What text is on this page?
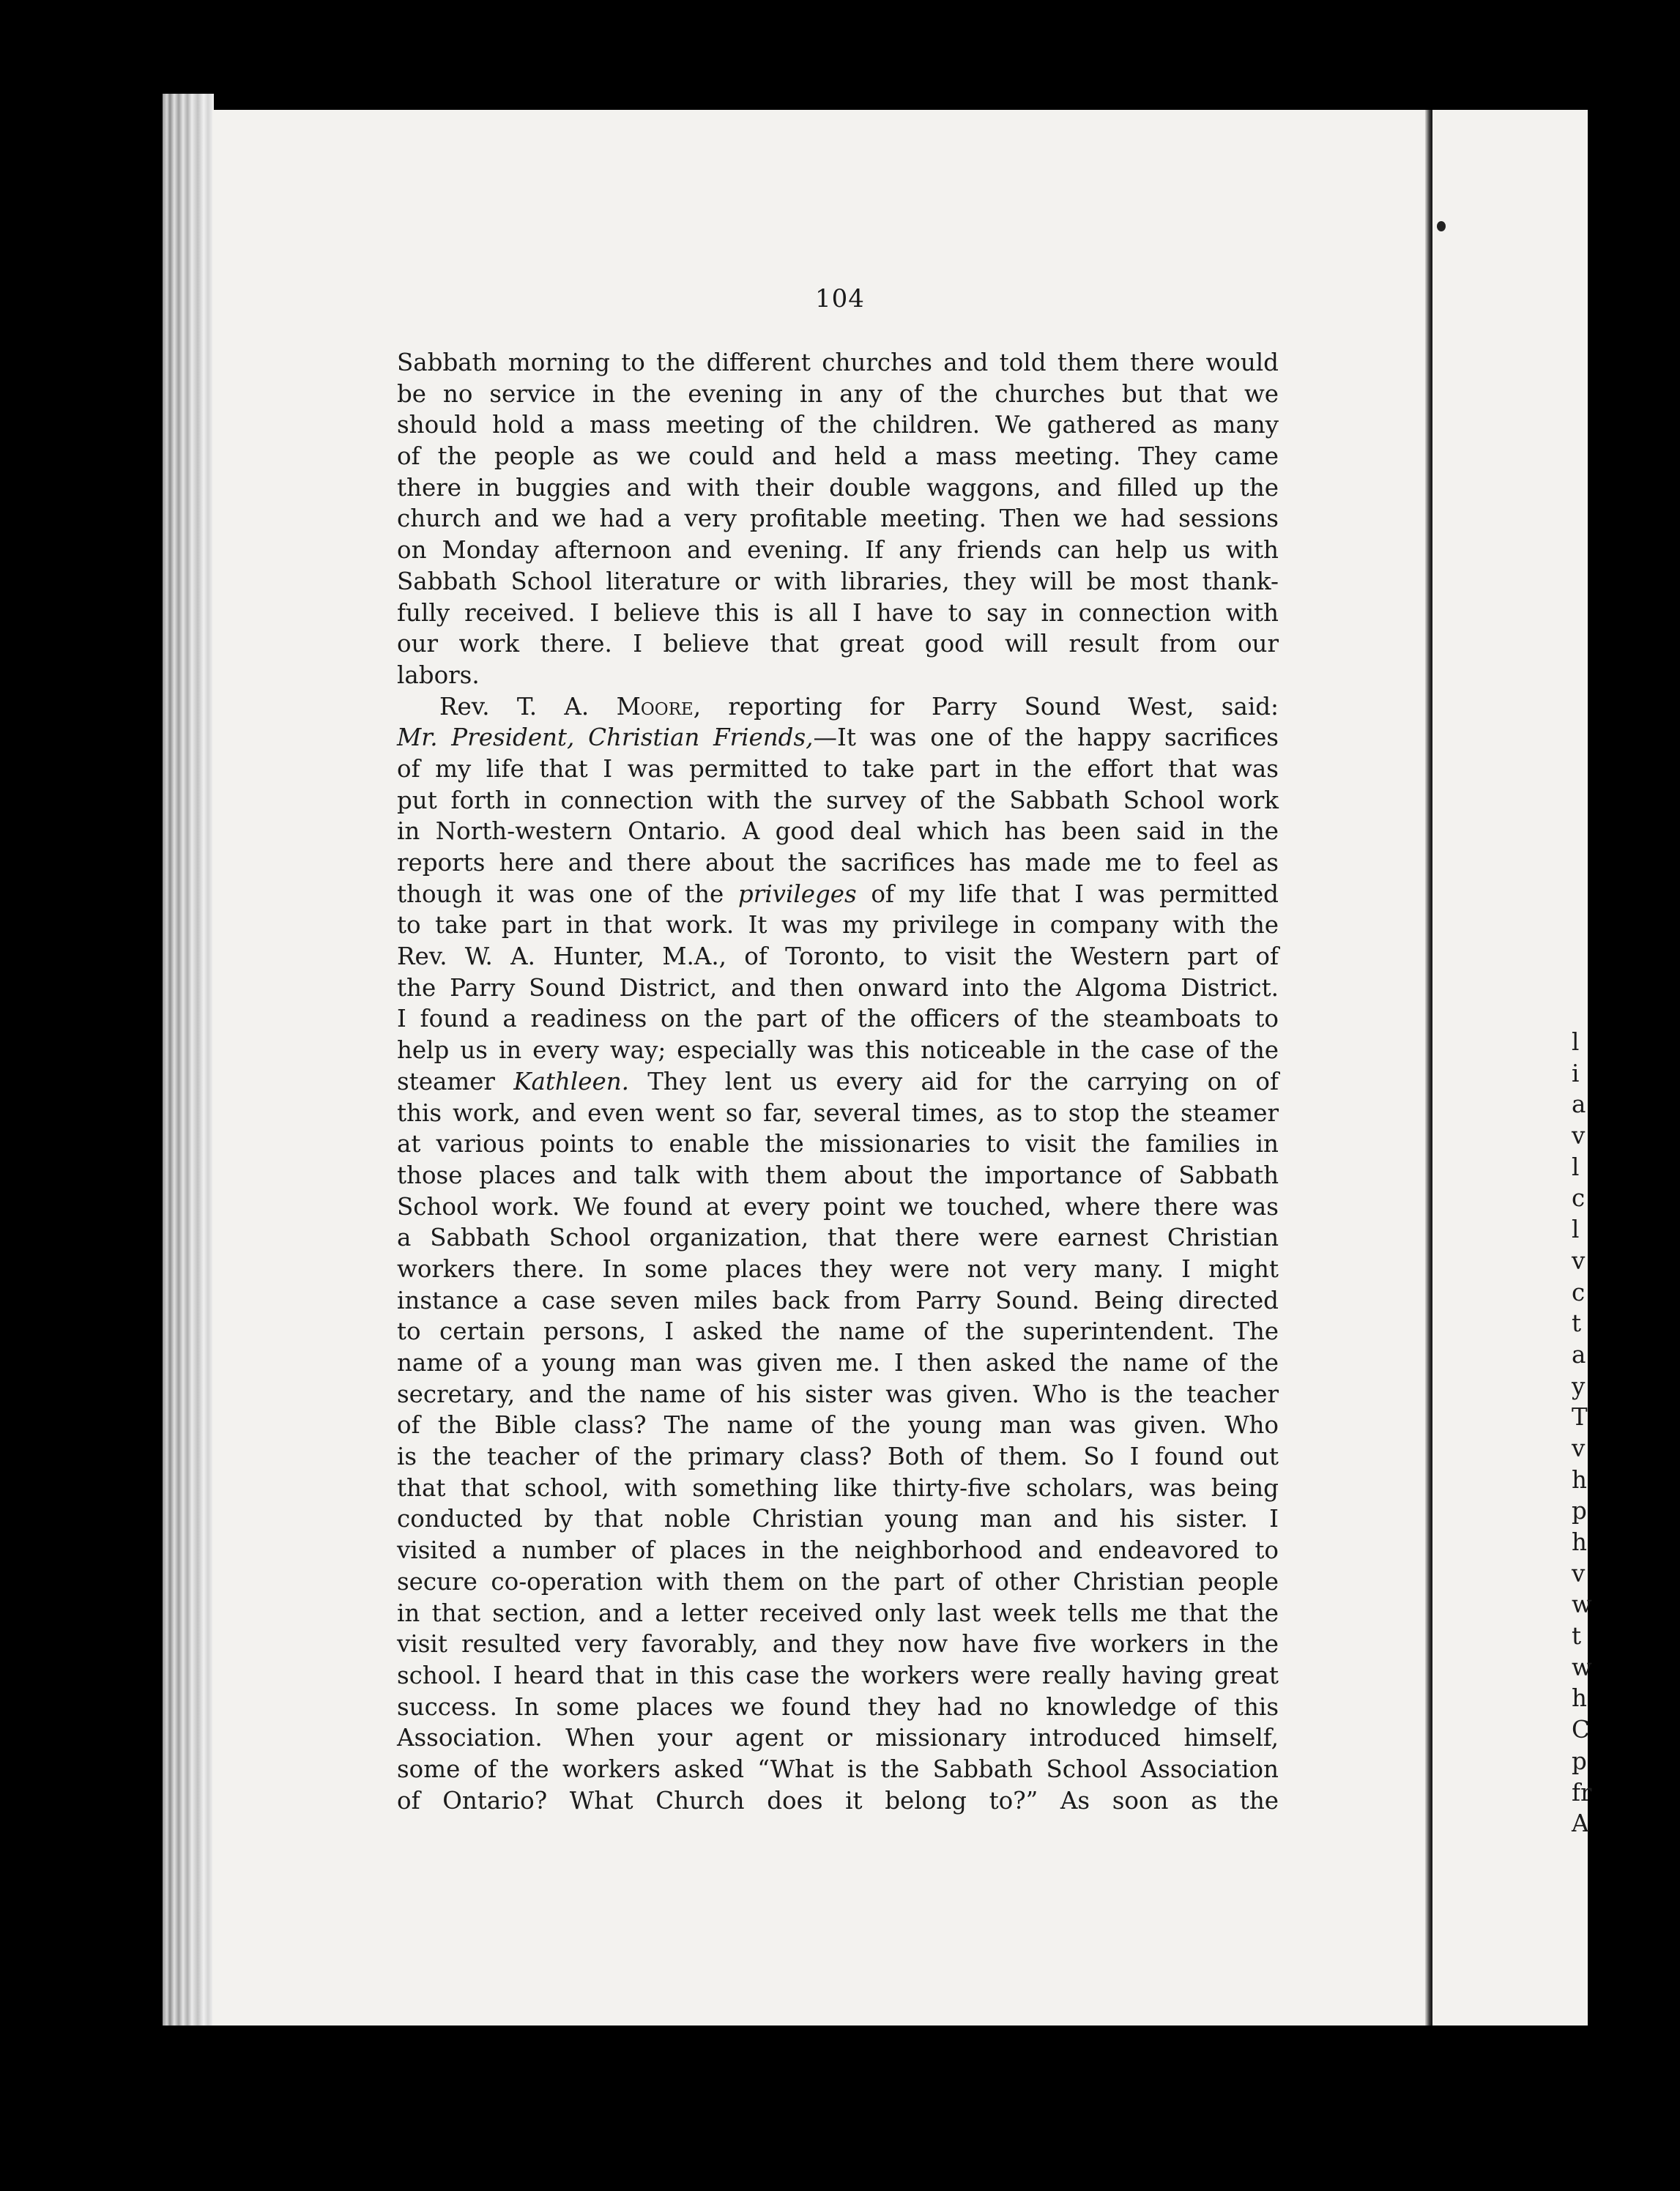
104
Sabbath morning to the different churches and told them there would
be no service in the evening in any of the churches but that we
should hold a mass meeting of the children. We gathered as many
of the people as we could and held a mass meeting. They came
there in buggies and with their double waggons, and filled up the
church and we had a very profitable meeting. Then we had sessions
on Monday afternoon and evening. If any friends can help us with
Sabbath School literature or with libraries, they will be most thank-
fully received. I believe this is all I have to say in connection with
our work there. I believe that great good will result from our
labors.
Rev. T. A. Moore, reporting for Parry Sound West, said:
Mr. President, Christian Friends,—It was one of the happy sacrifices
of my life that I was permitted to take part in the effort that was
put forth in connection with the survey of the Sabbath School work
in North-western Ontario. A good deal which has been said in the
reports here and there about the sacrifices has made me to feel as
though it was one of the privileges of my life that I was permitted
to take part in that work. It was my privilege in company with the
Rev. W. A. Hunter, M.A., of Toronto, to visit the Western part of
the Parry Sound District, and then onward into the Algoma District.
I found a readiness on the part of the officers of the steamboats to
help us in every way; especially was this noticeable in the case of the
steamer Kathleen. They lent us every aid for the carrying on of
this work, and even went so far, several times, as to stop the steamer
at various points to enable the missionaries to visit the families in
those places and talk with them about the importance of Sabbath
School work. We found at every point we touched, where there was
a Sabbath School organization, that there were earnest Christian
workers there. In some places they were not very many. I might
instance a case seven miles back from Parry Sound. Being directed
to certain persons, I asked the name of the superintendent. The
name of a young man was given me. I then asked the name of the
secretary, and the name of his sister was given. Who is the teacher
of the Bible class? The name of the young man was given. Who
is the teacher of the primary class? Both of them. So I found out
that that school, with something like thirty-five scholars, was being
conducted by that noble Christian young man and his sister. I
visited a number of places in the neighborhood and endeavored to
secure co-operation with them on the part of other Christian people
in that section, and a letter received only last week tells me that the
visit resulted very favorably, and they now have five workers in the
school. I heard that in this case the workers were really having great
success. In some places we found they had no knowledge of this
Association. When your agent or missionary introduced himself,
some of the workers asked “What is the Sabbath School Association
of Ontario? What Church does it belong to?” As soon as the
l
i
a
v
l
c
l
v
c
t
a
y
T
v
h
p
h
v
w
t
w
h
C
p
fr
A
